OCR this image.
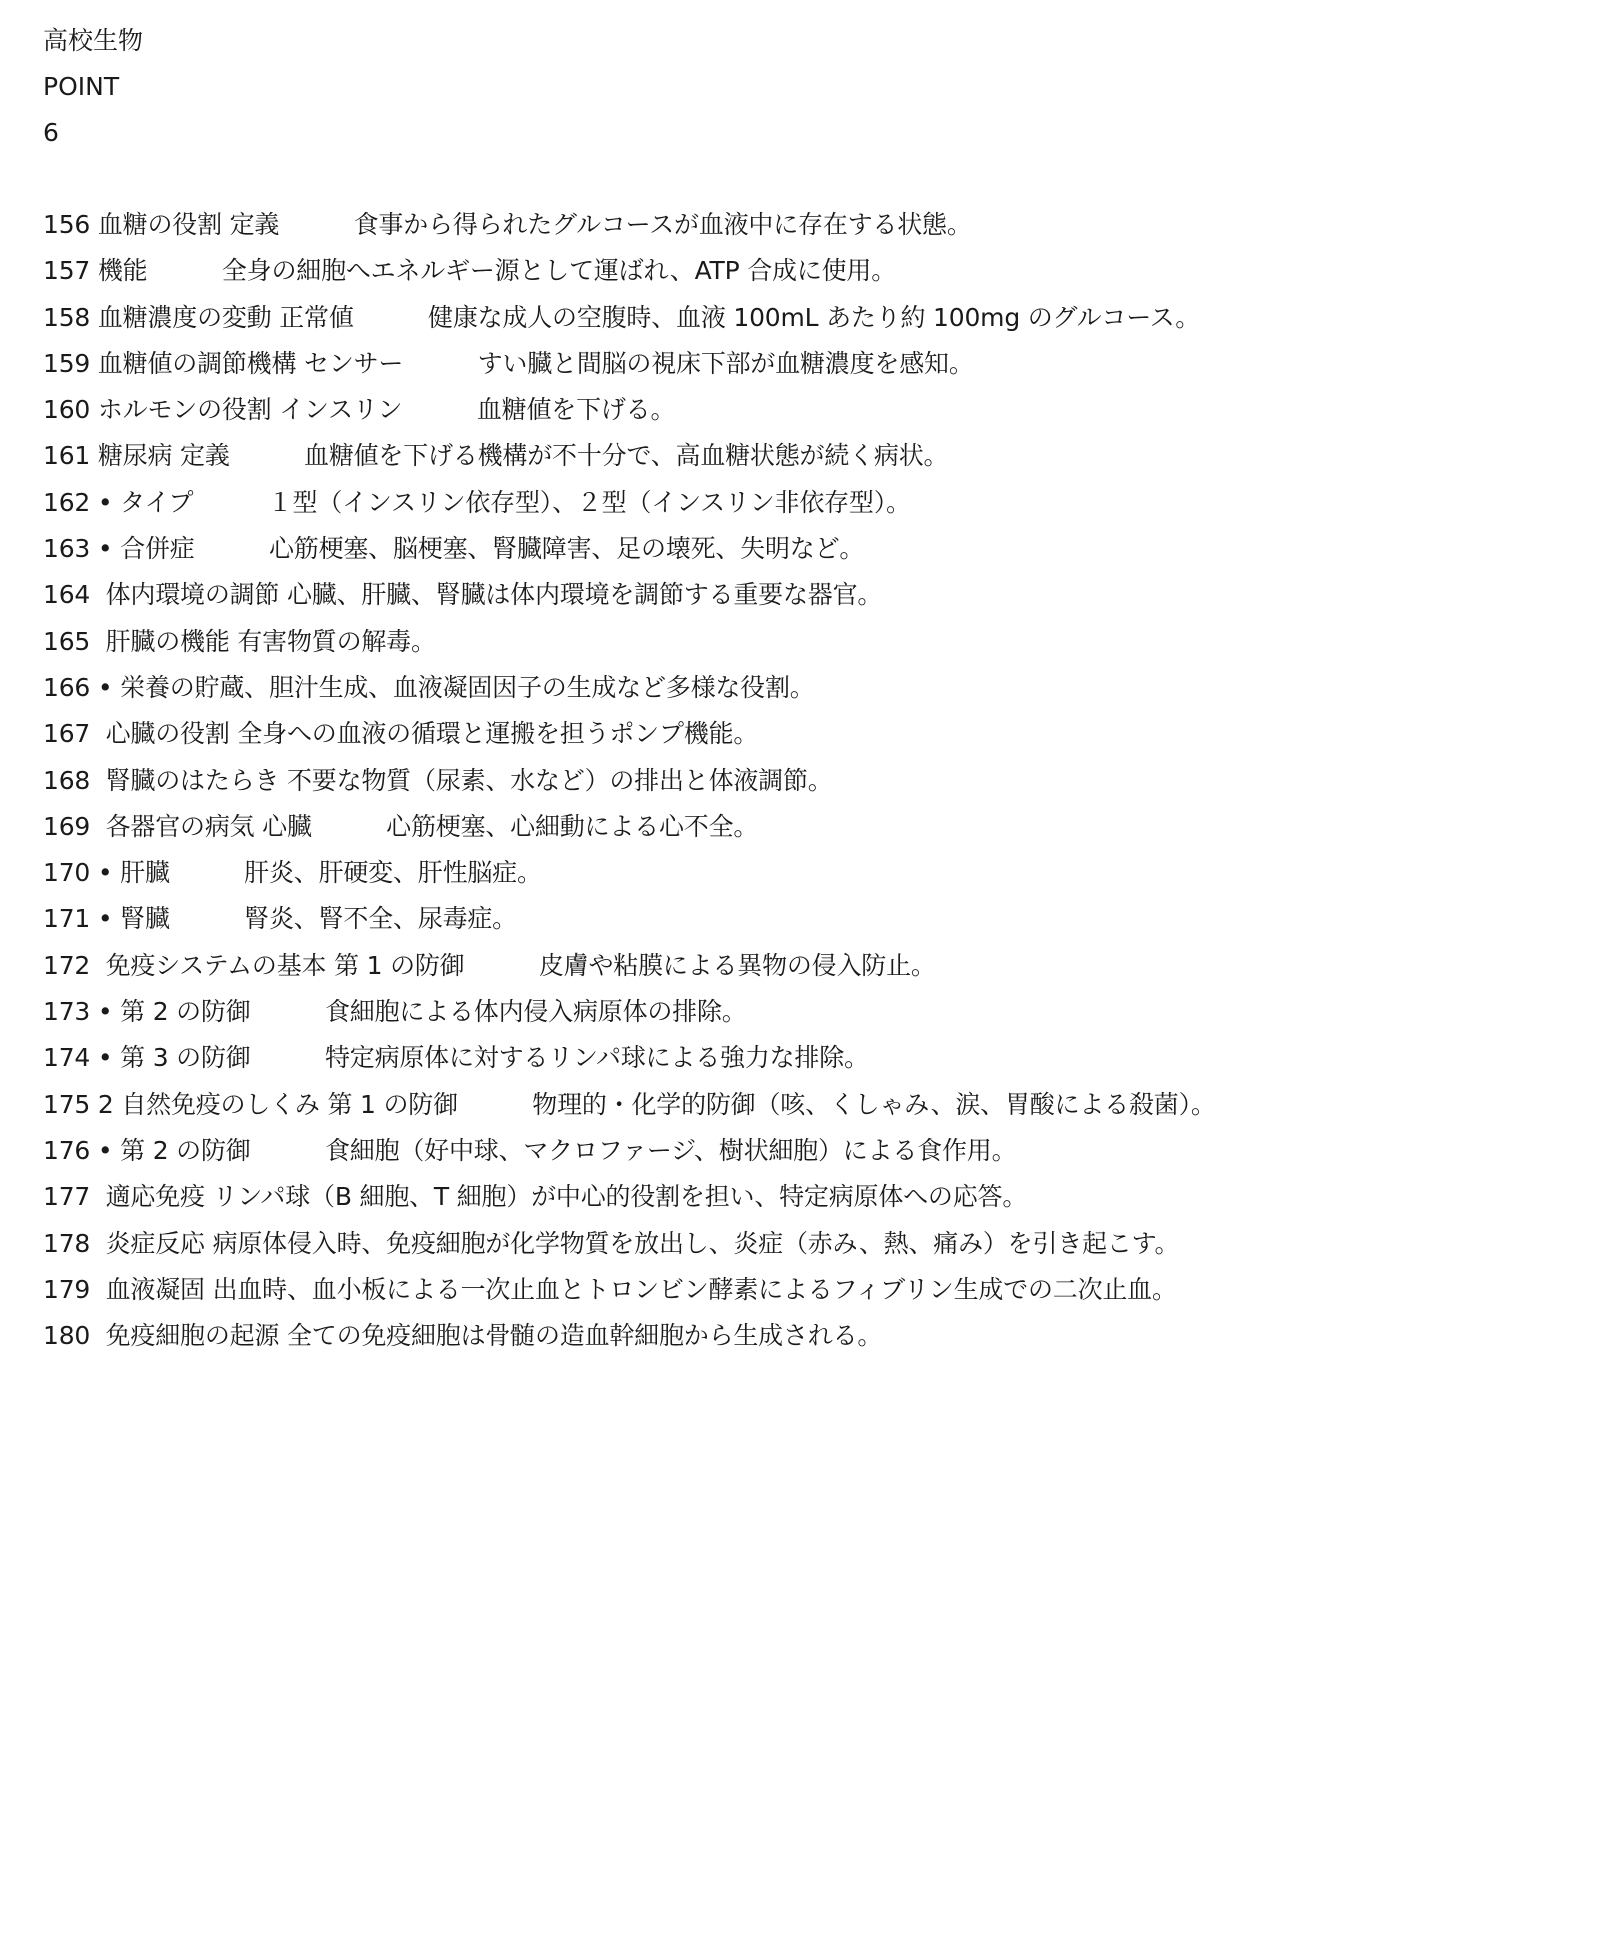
高校生物
POINT
6
156 血糖の役割 定義　　　食事から得られたグルコースが血液中に存在する状態。
157 機能　　　全身の細胞へエネルギー源として運ばれ、ATP 合成に使用。
158 血糖濃度の変動 正常値　　　健康な成人の空腹時、血液 100mL あたり約 100mg のグルコース。
159 血糖値の調節機構 センサー　　　すい臓と間脳の視床下部が血糖濃度を感知。
160 ホルモンの役割 インスリン　　　血糖値を下げる。
161 糖尿病 定義　　　血糖値を下げる機構が不十分で、高血糖状態が続く病状。
162 • タイプ　　　１型（インスリン依存型）、２型（インスリン非依存型）。
163 • 合併症　　　心筋梗塞、脳梗塞、腎臓障害、足の壊死、失明など。
164  体内環境の調節 心臓、肝臓、腎臓は体内環境を調節する重要な器官。
165  肝臓の機能 有害物質の解毒。
166 • 栄養の貯蔵、胆汁生成、血液凝固因子の生成など多様な役割。
167  心臓の役割 全身への血液の循環と運搬を担うポンプ機能。
168  腎臓のはたらき 不要な物質（尿素、水など）の排出と体液調節。
169  各器官の病気 心臓　　　心筋梗塞、心細動による心不全。
170 • 肝臓　　　肝炎、肝硬変、肝性脳症。
171 • 腎臓　　　腎炎、腎不全、尿毒症。
172  免疫システムの基本 第 1 の防御　　　皮膚や粘膜による異物の侵入防止。
173 • 第 2 の防御　　　食細胞による体内侵入病原体の排除。
174 • 第 3 の防御　　　特定病原体に対するリンパ球による強力な排除。
175 2 自然免疫のしくみ 第 1 の防御　　　物理的・化学的防御（咳、くしゃみ、涙、胃酸による殺菌）。
176 • 第 2 の防御　　　食細胞（好中球、マクロファージ、樹状細胞）による食作用。
177  適応免疫 リンパ球（B 細胞、T 細胞）が中心的役割を担い、特定病原体への応答。
178  炎症反応 病原体侵入時、免疫細胞が化学物質を放出し、炎症（赤み、熱、痛み）を引き起こす。
179  血液凝固 出血時、血小板による一次止血とトロンビン酵素によるフィブリン生成での二次止血。
180  免疫細胞の起源 全ての免疫細胞は骨髄の造血幹細胞から生成される。
